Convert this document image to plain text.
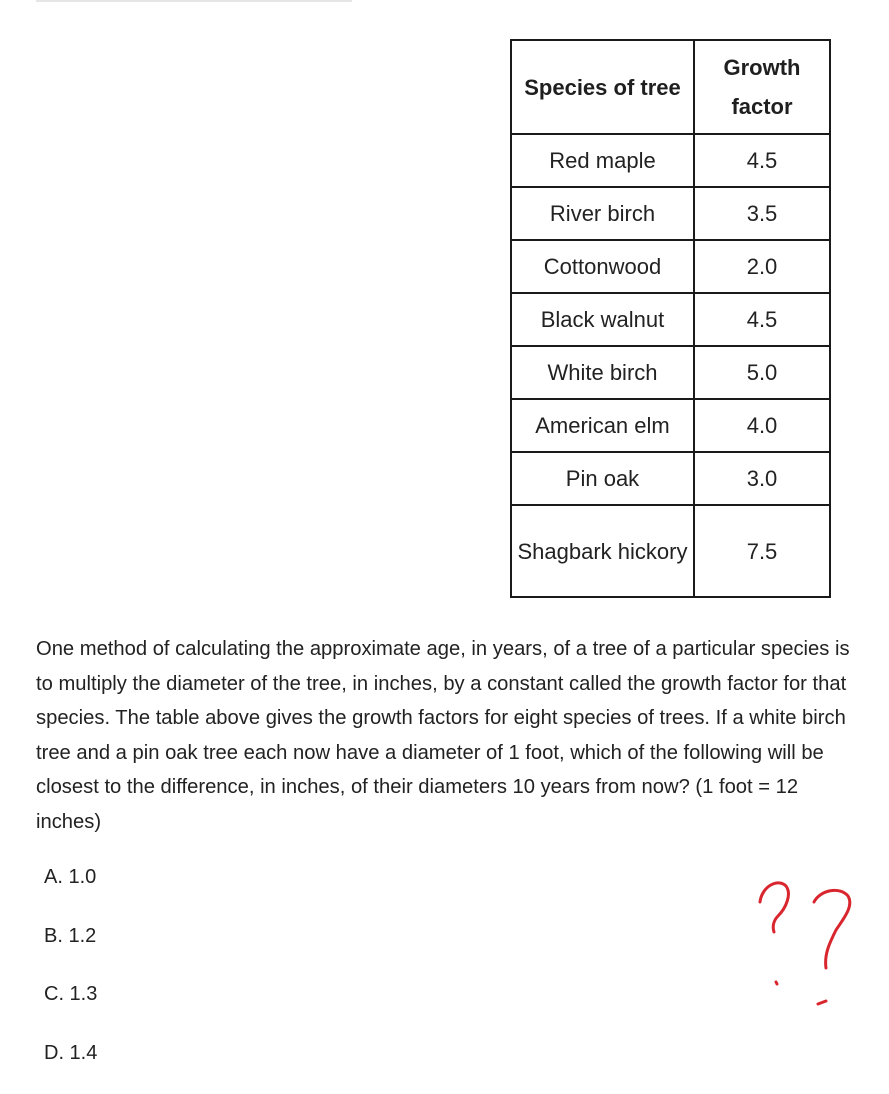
Species of tree	Growth factor
Red maple	4.5
River birch	3.5
Cottonwood	2.0
Black walnut	4.5
White birch	5.0
American elm	4.0
Pin oak	3.0
Shagbark hickory	7.5
One method of calculating the approximate age, in years, of a tree of a particular species is to multiply the diameter of the tree, in inches, by a constant called the growth factor for that species. The table above gives the growth factors for eight species of trees. If a white birch tree and a pin oak tree each now have a diameter of 1 foot, which of the following will be closest to the difference, in inches, of their diameters 10 years from now? (1 foot = 12 inches)
A. 1.0
B. 1.2
C. 1.3
D. 1.4
